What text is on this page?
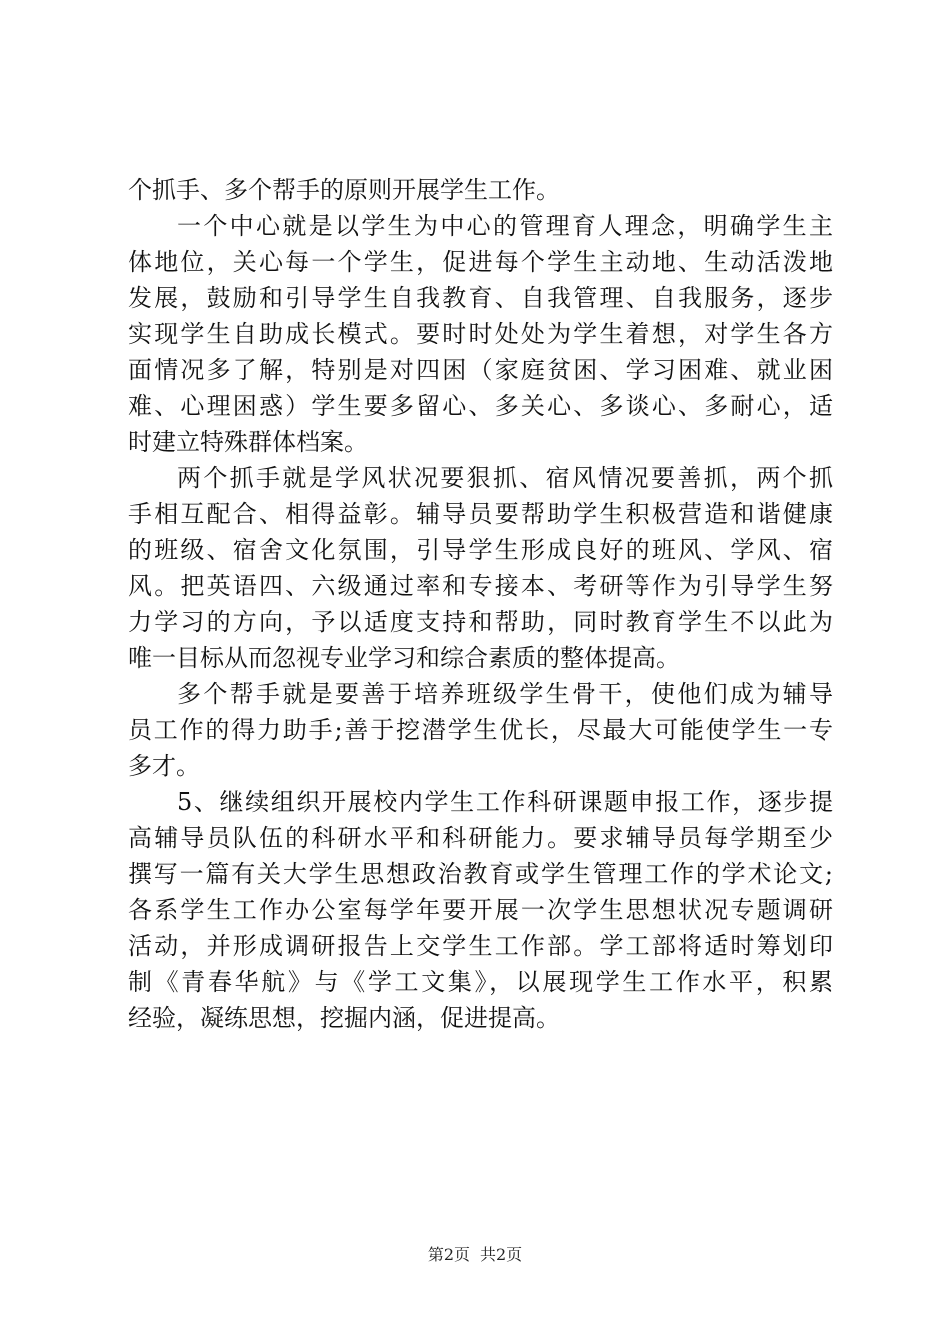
个抓手、多个帮手的原则开展学生工作。
一个中心就是以学生为中心的管理育人理念，明确学生主
体地位，关心每一个学生，促进每个学生主动地、生动活泼地
发展，鼓励和引导学生自我教育、自我管理、自我服务，逐步
实现学生自助成长模式。要时时处处为学生着想，对学生各方
面情况多了解，特别是对四困（家庭贫困、学习困难、就业困
难、心理困惑）学生要多留心、多关心、多谈心、多耐心，适
时建立特殊群体档案。
两个抓手就是学风状况要狠抓、宿风情况要善抓，两个抓
手相互配合、相得益彰。辅导员要帮助学生积极营造和谐健康
的班级、宿舍文化氛围，引导学生形成良好的班风、学风、宿
风。把英语四、六级通过率和专接本、考研等作为引导学生努
力学习的方向，予以适度支持和帮助，同时教育学生不以此为
唯一目标从而忽视专业学习和综合素质的整体提高。
多个帮手就是要善于培养班级学生骨干，使他们成为辅导
员工作的得力助手;善于挖潜学生优长，尽最大可能使学生一专
多才。
5、继续组织开展校内学生工作科研课题申报工作，逐步提
高辅导员队伍的科研水平和科研能力。要求辅导员每学期至少
撰写一篇有关大学生思想政治教育或学生管理工作的学术论文;
各系学生工作办公室每学年要开展一次学生思想状况专题调研
活动，并形成调研报告上交学生工作部。学工部将适时筹划印
制《青春华航》与《学工文集》，以展现学生工作水平，积累
经验，凝练思想，挖掘内涵，促进提高。
第2页 共2页
